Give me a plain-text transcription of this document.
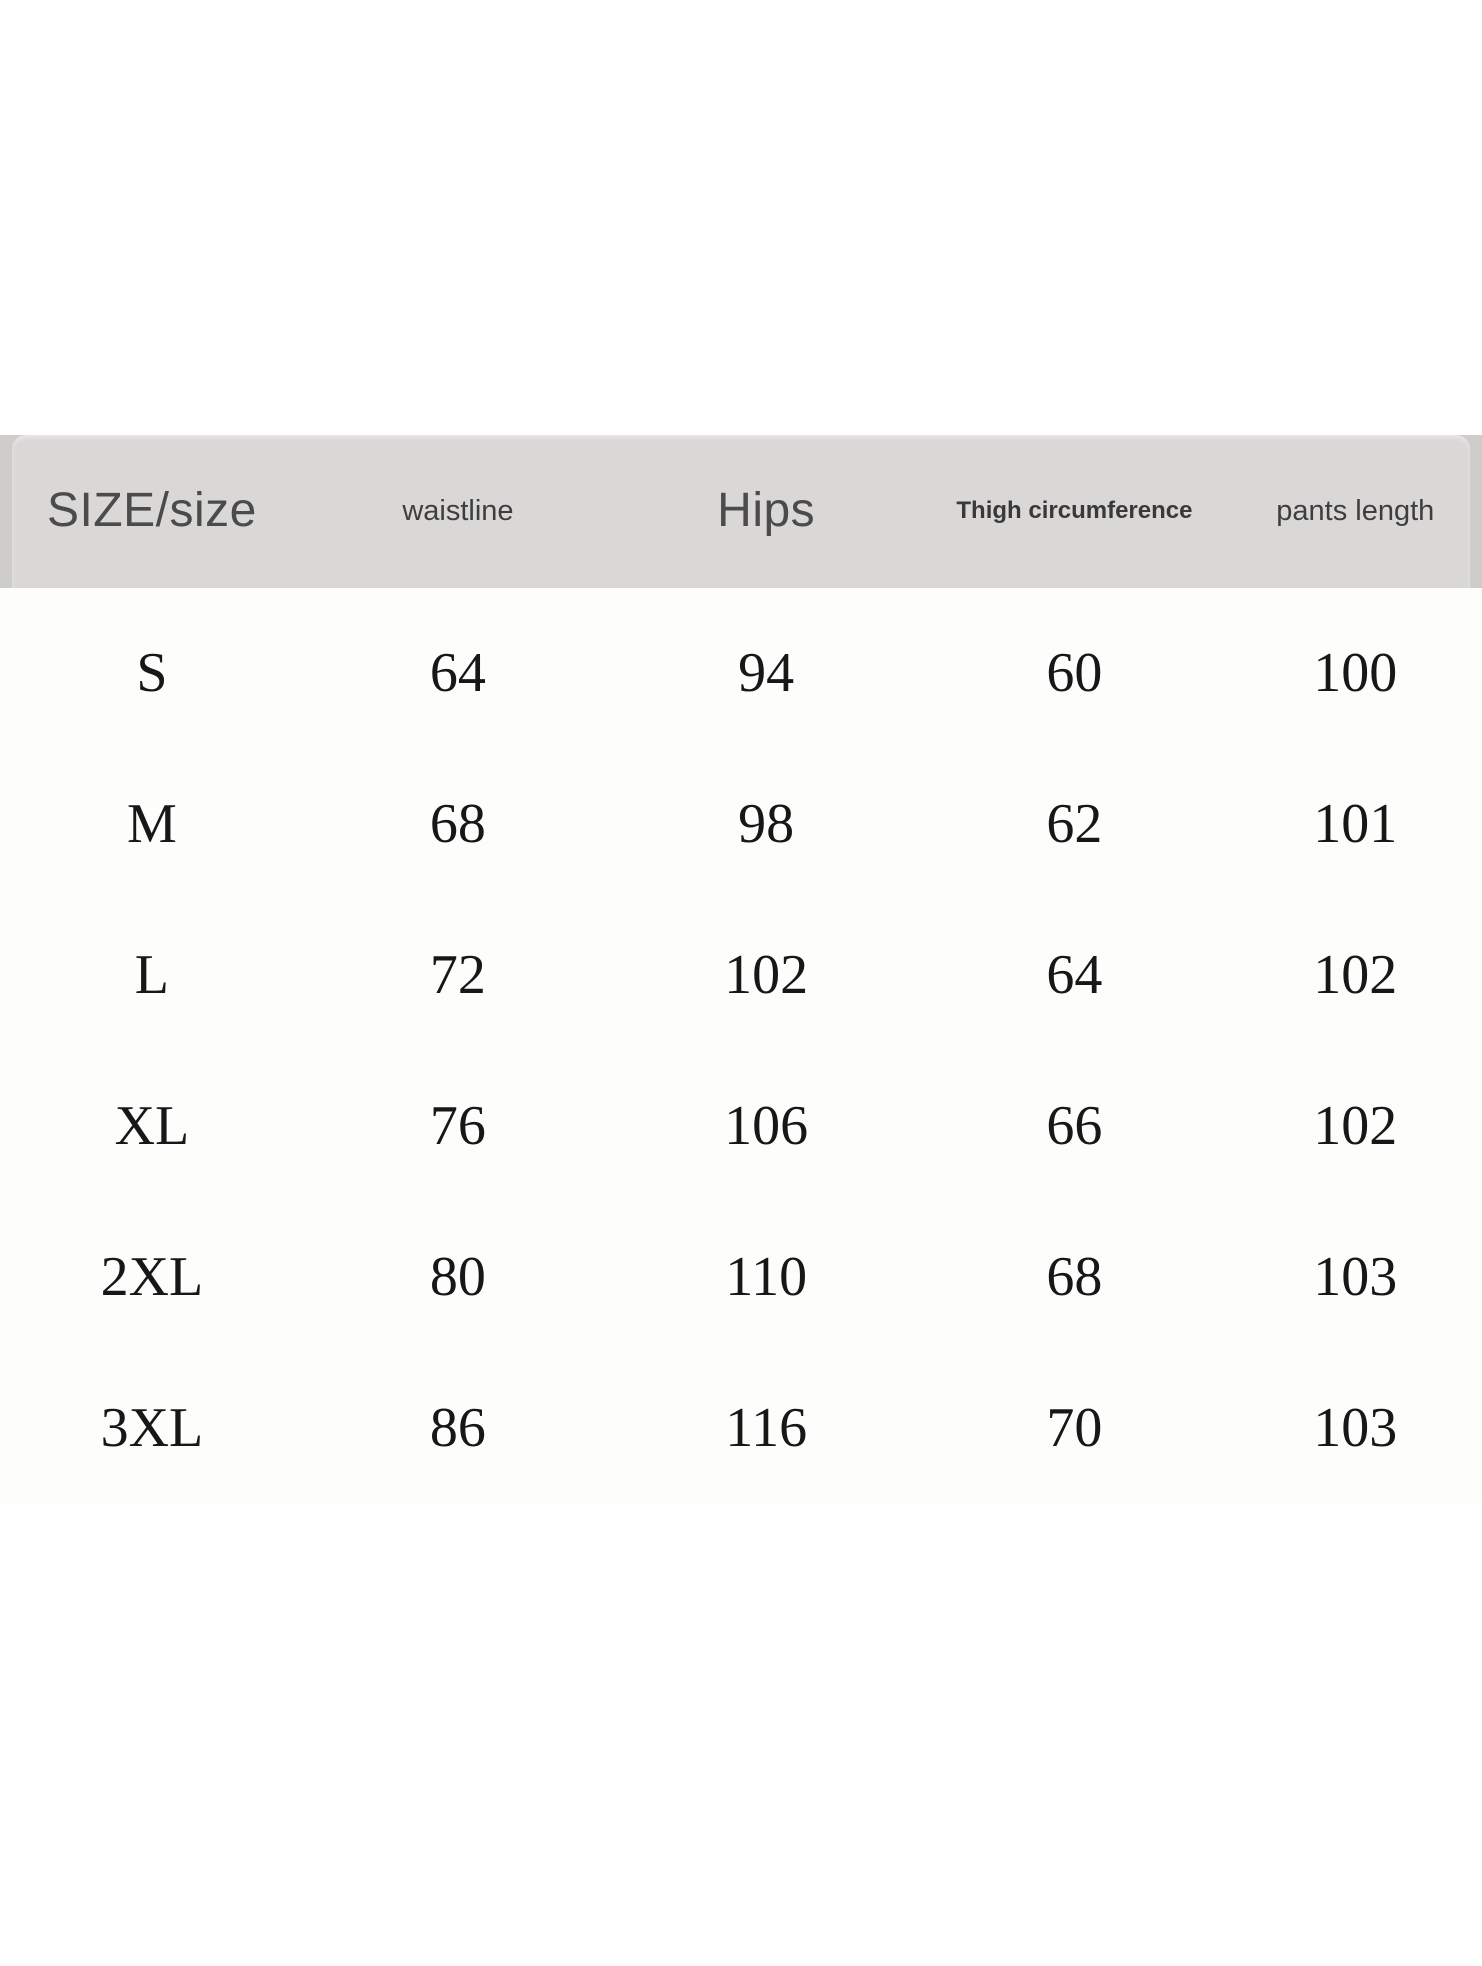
SIZE/size	waistline	Hips	Thigh circumference	pants length
S	64	94	60	100
M	68	98	62	101
L	72	102	64	102
XL	76	106	66	102
2XL	80	110	68	103
3XL	86	116	70	103
